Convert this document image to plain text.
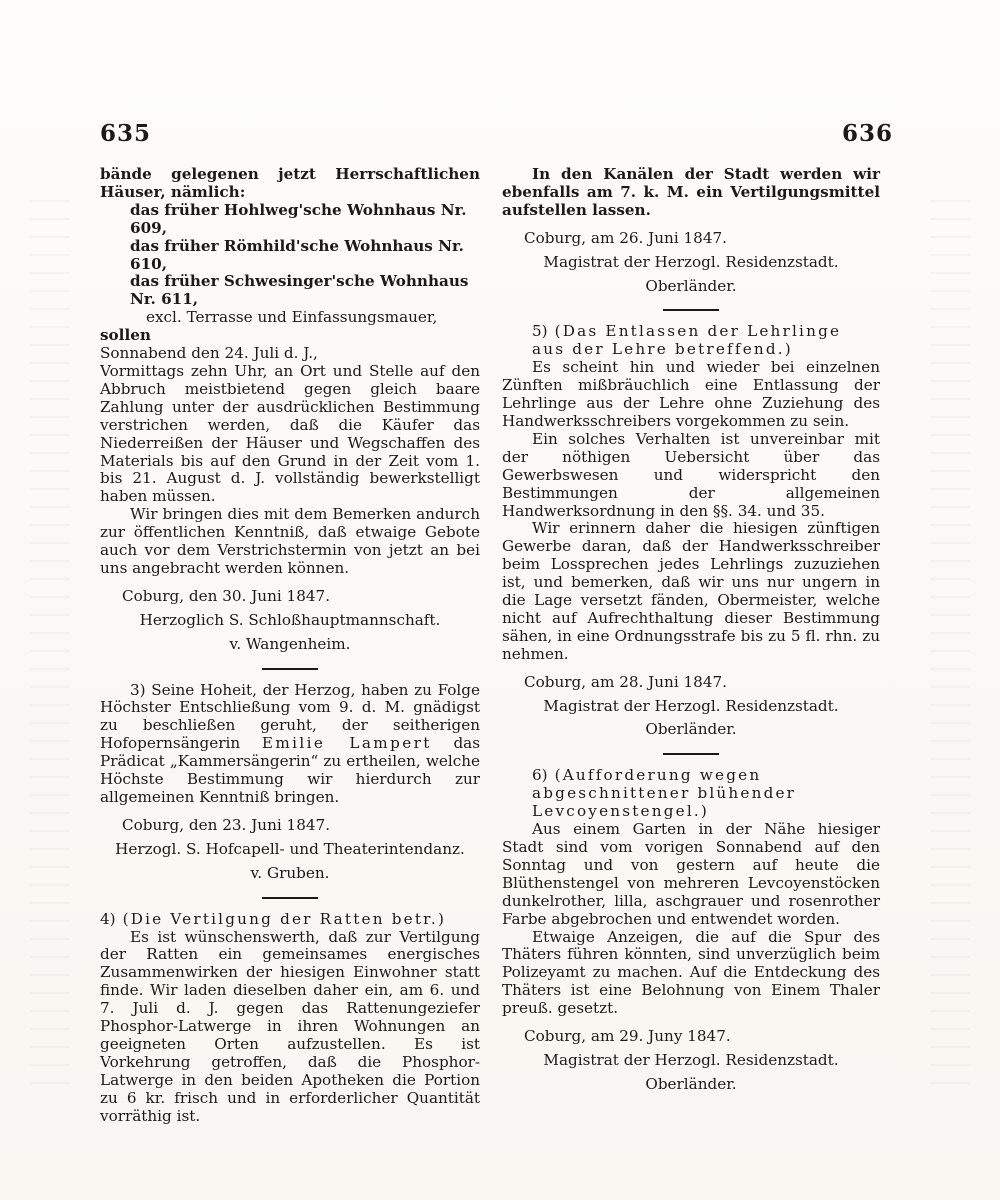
635	636

bände gelegenen jetzt Herrschaftlichen Häuser, nämlich:

das früher Hohlweg'sche Wohnhaus Nr. 609,
das früher Römhild'sche Wohnhaus Nr. 610,
das früher Schwesinger'sche Wohnhaus Nr. 611,
excl. Terrasse und Einfassungsmauer,

sollen

Sonnabend den 24. Juli d. J.,

Vormittags zehn Uhr, an Ort und Stelle auf den Abbruch meistbietend gegen gleich baare Zahlung unter der ausdrücklichen Bestimmung verstrichen werden, daß die Käufer das Niederreißen der Häuser und Wegschaffen des Materials bis auf den Grund in der Zeit vom 1. bis 21. August d. J. vollständig bewerkstelligt haben müssen.

Wir bringen dies mit dem Bemerken andurch zur öffentlichen Kenntniß, daß etwaige Gebote auch vor dem Verstrichstermin von jetzt an bei uns angebracht werden können.

Coburg, den 30. Juni 1847.
Herzoglich S. Schloßhauptmannschaft.
v. Wangenheim.

3) Seine Hoheit, der Herzog, haben zu Folge Höchster Entschließung vom 9. d. M. gnädigst zu beschließen geruht, der seitherigen Hofopernsängerin Emilie Lampert das Prädicat „Kammersängerin“ zu ertheilen, welche Höchste Bestimmung wir hierdurch zur allgemeinen Kenntniß bringen.

Coburg, den 23. Juni 1847.
Herzogl. S. Hofcapell- und Theaterintendanz.
v. Gruben.

4) (Die Vertilgung der Ratten betr.)

Es ist wünschenswerth, daß zur Vertilgung der Ratten ein gemeinsames energisches Zusammenwirken der hiesigen Einwohner statt finde. Wir laden dieselben daher ein, am 6. und 7. Juli d. J. gegen das Rattenungeziefer Phosphor-Latwerge in ihren Wohnungen an geeigneten Orten aufzustellen. Es ist Vorkehrung getroffen, daß die Phosphor-Latwerge in den beiden Apotheken die Portion zu 6 kr. frisch und in erforderlicher Quantität vorräthig ist.

In den Kanälen der Stadt werden wir ebenfalls am 7. k. M. ein Vertilgungsmittel aufstellen lassen.

Coburg, am 26. Juni 1847.
Magistrat der Herzogl. Residenzstadt.
Oberländer.

5) (Das Entlassen der Lehrlinge aus der Lehre betreffend.)

Es scheint hin und wieder bei einzelnen Zünften mißbräuchlich eine Entlassung der Lehrlinge aus der Lehre ohne Zuziehung des Handwerksschreibers vorgekommen zu sein.

Ein solches Verhalten ist unvereinbar mit der nöthigen Uebersicht über das Gewerbswesen und widerspricht den Bestimmungen der allgemeinen Handwerksordnung in den §§. 34. und 35.

Wir erinnern daher die hiesigen zünftigen Gewerbe daran, daß der Handwerksschreiber beim Lossprechen jedes Lehrlings zuzuziehen ist, und bemerken, daß wir uns nur ungern in die Lage versetzt fänden, Obermeister, welche nicht auf Aufrechthaltung dieser Bestimmung sähen, in eine Ordnungsstrafe bis zu 5 fl. rhn. zu nehmen.

Coburg, am 28. Juni 1847.
Magistrat der Herzogl. Residenzstadt.
Oberländer.

6) (Aufforderung wegen abgeschnittener blühender Levcoyenstengel.)

Aus einem Garten in der Nähe hiesiger Stadt sind vom vorigen Sonnabend auf den Sonntag und von gestern auf heute die Blüthenstengel von mehreren Levcoyenstöcken dunkelrother, lilla, aschgrauer und rosenrother Farbe abgebrochen und entwendet worden.

Etwaige Anzeigen, die auf die Spur des Thäters führen könnten, sind unverzüglich beim Polizeyamt zu machen. Auf die Entdeckung des Thäters ist eine Belohnung von Einem Thaler preuß. gesetzt.

Coburg, am 29. Juny 1847.
Magistrat der Herzogl. Residenzstadt.
Oberländer.
